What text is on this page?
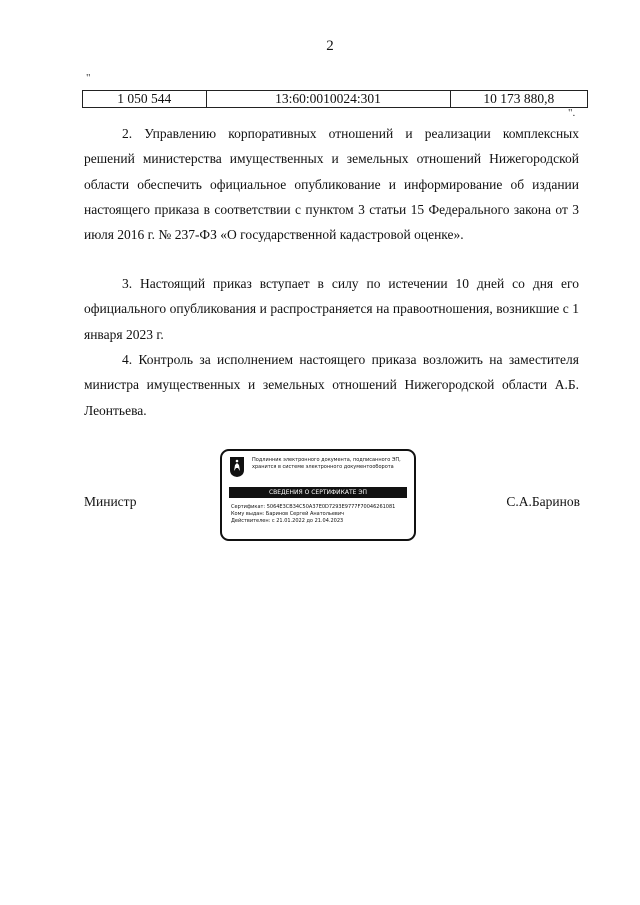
2
"
1 050 544	13:60:0010024:301	10 173 880,8
".

2. Управлению корпоративных отношений и реализации комплексных решений министерства имущественных и земельных отношений Нижегородской области обеспечить официальное опубликование и информирование об издании настоящего приказа в соответствии с пунктом 3 статьи 15 Федерального закона от 3 июля 2016 г. № 237-ФЗ «О государственной кадастровой оценке».

3. Настоящий приказ вступает в силу по истечении 10 дней со дня его официального опубликования и распространяется на правоотношения, возникшие с 1 января 2023 г.

4. Контроль за исполнением настоящего приказа возложить на заместителя министра имущественных и земельных отношений Нижегородской области А.Б. Леонтьева.

Министр
Подлинник электронного документа, подписанного ЭП, хранится в системе электронного документооборота
СВЕДЕНИЯ О СЕРТИФИКАТЕ ЭП
Сертификат: 5064E3CB34C50A37E0D7293E9777F70046261081
Кому выдан: Баринов Сергей Анатольевич
Действителен: с 21.01.2022 до 21.04.2023
С.А.Баринов
